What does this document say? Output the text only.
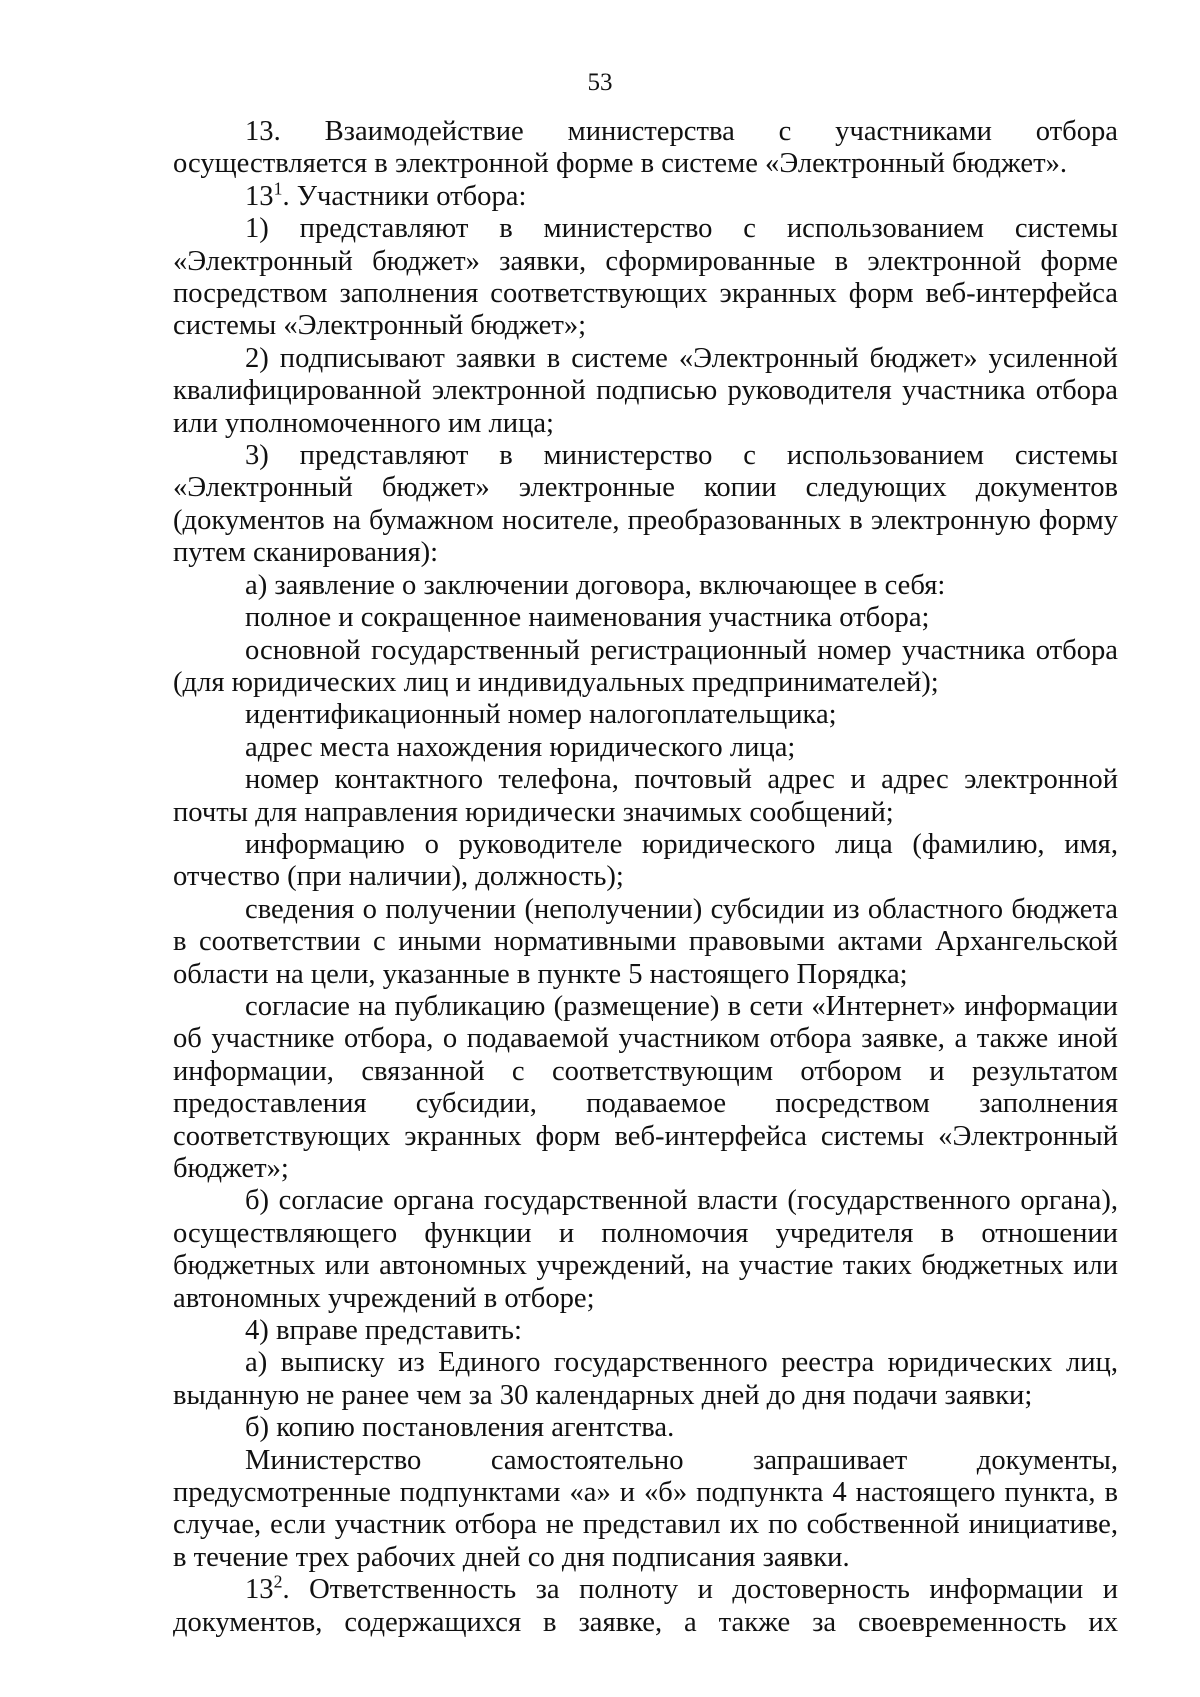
53

13. Взаимодействие министерства с участниками отбора осуществляется в электронной форме в системе «Электронный бюджет».

$13^1$. Участники отбора:

1) представляют в министерство с использованием системы «Электронный бюджет» заявки, сформированные в электронной форме посредством заполнения соответствующих экранных форм веб-интерфейса системы «Электронный бюджет»;

2) подписывают заявки в системе «Электронный бюджет» усиленной квалифицированной электронной подписью руководителя участника отбора или уполномоченного им лица;

3) представляют в министерство с использованием системы «Электронный бюджет» электронные копии следующих документов (документов на бумажном носителе, преобразованных в электронную форму путем сканирования):

а) заявление о заключении договора, включающее в себя:

полное и сокращенное наименования участника отбора;

основной государственный регистрационный номер участника отбора (для юридических лиц и индивидуальных предпринимателей);

идентификационный номер налогоплательщика;

адрес места нахождения юридического лица;

номер контактного телефона, почтовый адрес и адрес электронной почты для направления юридически значимых сообщений;

информацию о руководителе юридического лица (фамилию, имя, отчество (при наличии), должность);

сведения о получении (неполучении) субсидии из областного бюджета в соответствии с иными нормативными правовыми актами Архангельской области на цели, указанные в пункте 5 настоящего Порядка;

согласие на публикацию (размещение) в сети «Интернет» информации об участнике отбора, о подаваемой участником отбора заявке, а также иной информации, связанной с соответствующим отбором и результатом предоставления субсидии, подаваемое посредством заполнения соответствующих экранных форм веб-интерфейса системы «Электронный бюджет»;

б) согласие органа государственной власти (государственного органа), осуществляющего функции и полномочия учредителя в отношении бюджетных или автономных учреждений, на участие таких бюджетных или автономных учреждений в отборе;

4) вправе представить:

а) выписку из Единого государственного реестра юридических лиц, выданную не ранее чем за 30 календарных дней до дня подачи заявки;

б) копию постановления агентства.

Министерство самостоятельно запрашивает документы, предусмотренные подпунктами «а» и «б» подпункта 4 настоящего пункта, в случае, если участник отбора не представил их по собственной инициативе, в течение трех рабочих дней со дня подписания заявки.

$13^2$. Ответственность за полноту и достоверность информации и документов, содержащихся в заявке, а также за своевременность их
